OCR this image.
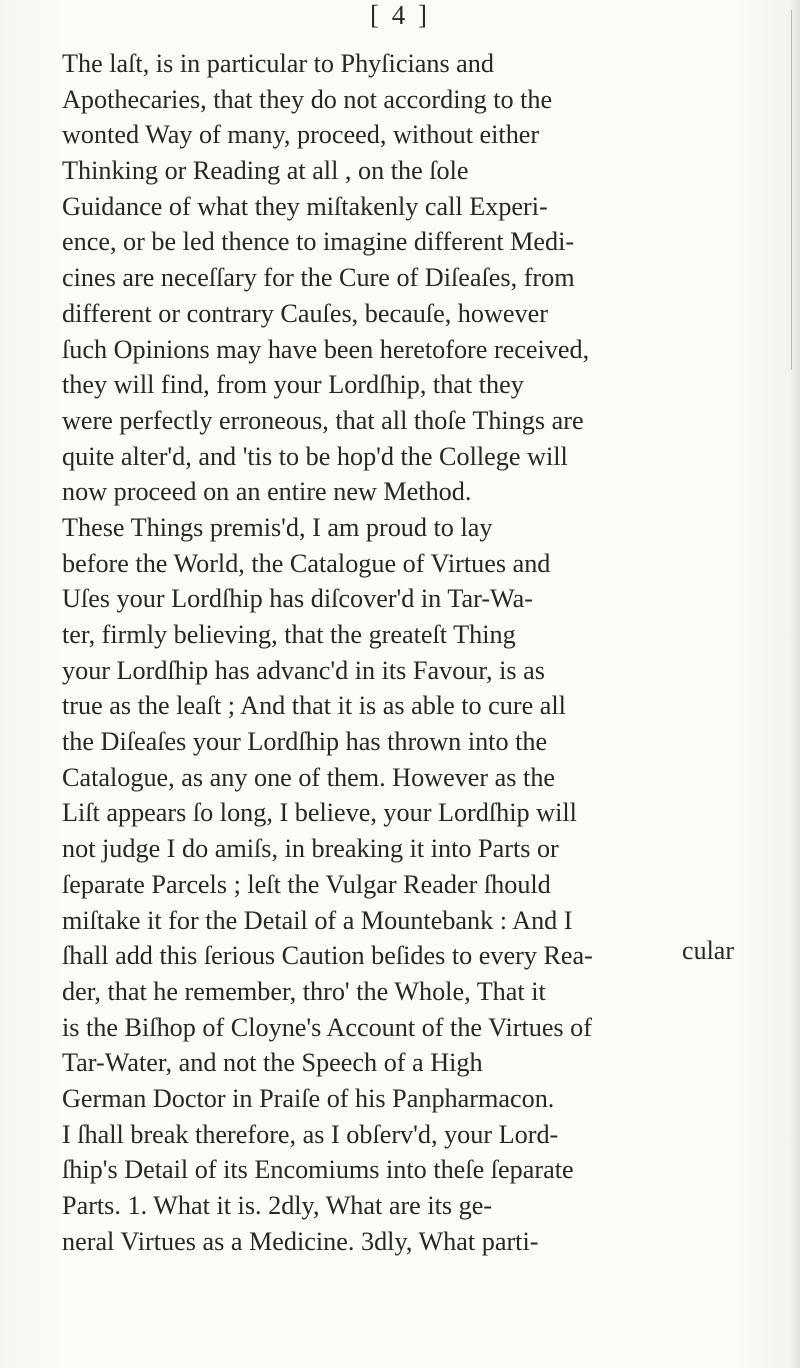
[ 4 ]
The laſt, is in particular to Phyſicians and
Apothecaries, that they do not according to the
wonted Way of many, proceed, without either
Thinking or Reading at all , on the ſole
Guidance of what they miſtakenly call Experi-
ence, or be led thence to imagine different Medi-
cines are neceſſary for the Cure of Diſeaſes, from
different or contrary Cauſes, becauſe, however
ſuch Opinions may have been heretofore received,
they will find, from your Lordſhip, that they
were perfectly erroneous, that all thoſe Things are
quite alter'd, and 'tis to be hop'd the College will
now proceed on an entire new Method.
These Things premis'd, I am proud to lay
before the World, the Catalogue of Virtues and
Uſes your Lordſhip has diſcover'd in Tar-Wa-
ter, firmly believing, that the greateſt Thing
your Lordſhip has advanc'd in its Favour, is as
true as the leaſt ; And that it is as able to cure all
the Diſeaſes your Lordſhip has thrown into the
Catalogue, as any one of them. However as the
Liſt appears ſo long, I believe, your Lordſhip will
not judge I do amiſs, in breaking it into Parts or
ſeparate Parcels ; leſt the Vulgar Reader ſhould
miſtake it for the Detail of a Mountebank : And I
ſhall add this ſerious Caution beſides to every Rea-
der, that he remember, thro' the Whole, That it
is the Biſhop of Cloyne's Account of the Virtues of
Tar-Water, and not the Speech of a High
German Doctor in Praiſe of his Panpharmacon.
I ſhall break therefore, as I obſerv'd, your Lord-
ſhip's Detail of its Encomiums into theſe ſeparate
Parts. 1. What it is. 2dly, What are its ge-
neral Virtues as a Medicine. 3dly, What parti-
cular
